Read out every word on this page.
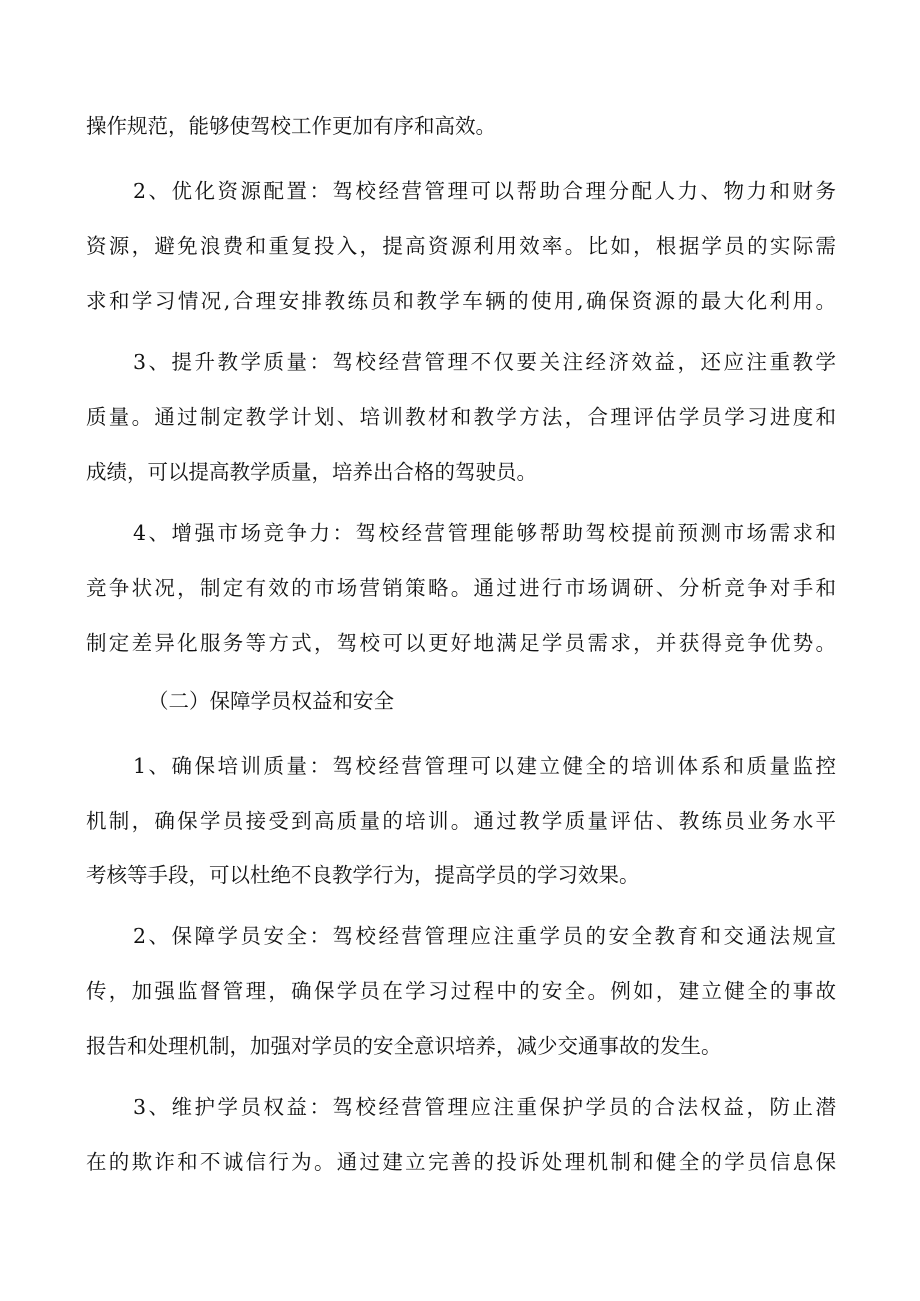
操作规范，能够使驾校工作更加有序和高效。
2、优化资源配置：驾校经营管理可以帮助合理分配人力、物力和财务
资源，避免浪费和重复投入，提高资源利用效率。比如，根据学员的实际需
求和学习情况,合理安排教练员和教学车辆的使用,确保资源的最大化利用。
3、提升教学质量：驾校经营管理不仅要关注经济效益，还应注重教学
质量。通过制定教学计划、培训教材和教学方法，合理评估学员学习进度和
成绩，可以提高教学质量，培养出合格的驾驶员。
4、增强市场竞争力：驾校经营管理能够帮助驾校提前预测市场需求和
竞争状况，制定有效的市场营销策略。通过进行市场调研、分析竞争对手和
制定差异化服务等方式，驾校可以更好地满足学员需求，并获得竞争优势。
（二）保障学员权益和安全
1、确保培训质量：驾校经营管理可以建立健全的培训体系和质量监控
机制，确保学员接受到高质量的培训。通过教学质量评估、教练员业务水平
考核等手段，可以杜绝不良教学行为，提高学员的学习效果。
2、保障学员安全：驾校经营管理应注重学员的安全教育和交通法规宣
传，加强监督管理，确保学员在学习过程中的安全。例如，建立健全的事故
报告和处理机制，加强对学员的安全意识培养，减少交通事故的发生。
3、维护学员权益：驾校经营管理应注重保护学员的合法权益，防止潜
在的欺诈和不诚信行为。通过建立完善的投诉处理机制和健全的学员信息保
